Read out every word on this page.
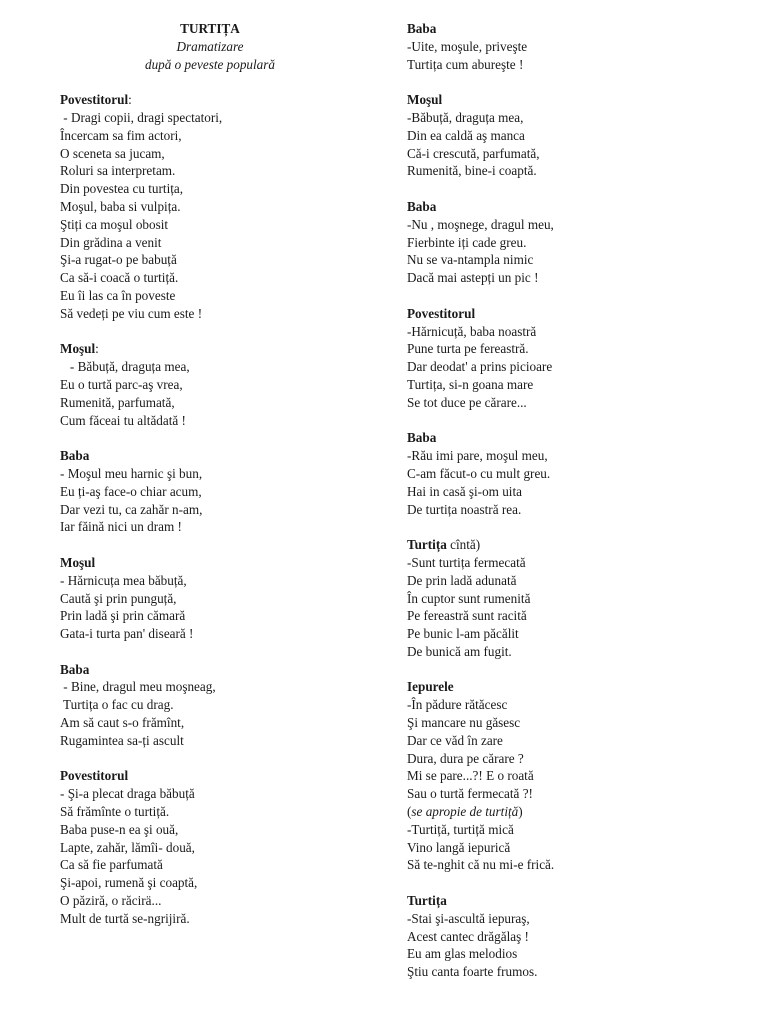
TURTIȚA
Dramatizare
după o peveste populară
Povestitorul:
- Dragi copii, dragi spectatori,
Încercam sa fim actori,
O sceneta sa jucam,
Roluri sa interpretam.
Din povestea cu turtița,
Moşul, baba si vulpița.
Ştiți ca moşul obosit
Din grădina a venit
Şi-a rugat-o pe babuță
Ca să-i coacă o turtiță.
Eu îi las ca în poveste
Să vedeți pe viu cum este !
Moşul:
- Băbuță, draguța mea,
Eu o turtă parc-aş vrea,
Rumenită, parfumată,
Cum făceai tu altădată !
Baba
- Moşul meu harnic şi bun,
Eu ți-aş face-o chiar acum,
Dar vezi tu, ca zahăr n-am,
Iar făină nici un dram !
Moşul
- Hărnicuța mea băbuță,
Caută şi prin punguță,
Prin ladă şi prin cămară
Gata-i turta pan' diseară !
Baba
- Bine, dragul meu moşneag,
Turtița o fac cu drag.
Am să caut s-o frămînt,
Rugamintea sa-ți ascult
Povestitorul
- Şi-a plecat draga băbuță
Să frămînte o turtiță.
Baba puse-n ea şi ouă,
Lapte, zahăr, lămîi- două,
Ca să fie parfumată
Şi-apoi, rumenă şi coaptă,
O păziră, o răcirä...
Mult de turtă se-ngrijiră.
Baba
-Uite, moşule, priveşte
Turtița cum abureşte !
Moşul
-Băbuță, draguța mea,
Din ea caldă aş manca
Că-i crescută, parfumată,
Rumenită, bine-i coaptă.
Baba
-Nu , moşnege, dragul meu,
Fierbinte iți cade greu.
Nu se va-ntampla nimic
Dacă mai astepți un pic !
Povestitorul
-Hărnicuță, baba noastră
Pune turta pe fereastră.
Dar deodat' a prins picioare
Turtița, si-n goana mare
Se tot duce pe cărare...
Baba
-Rău imi pare, moşul meu,
C-am făcut-o cu mult greu.
Hai in casă şi-om uita
De turtița noastră rea.
Turtița cîntă)
-Sunt turtița fermecată
De prin ladă adunată
În cuptor sunt rumenită
Pe fereastră sunt racită
Pe bunic l-am păcălit
De bunică am fugit.
Iepurele
-În pădure rătăcesc
Şi mancare nu găsesc
Dar ce văd în zare
Dura, dura pe cărare ?
Mi se pare...?! E o roată
Sau o turtă fermecată ?!
(se apropie de turtiță)
-Turtiță, turtiță mică
Vino langă iepurică
Să te-nghit că nu mi-e frică.
Turtița
-Stai şi-ascultă iepuraş,
Acest cantec drăgălaş !
Eu am glas melodios
Ştiu canta foarte frumos.
